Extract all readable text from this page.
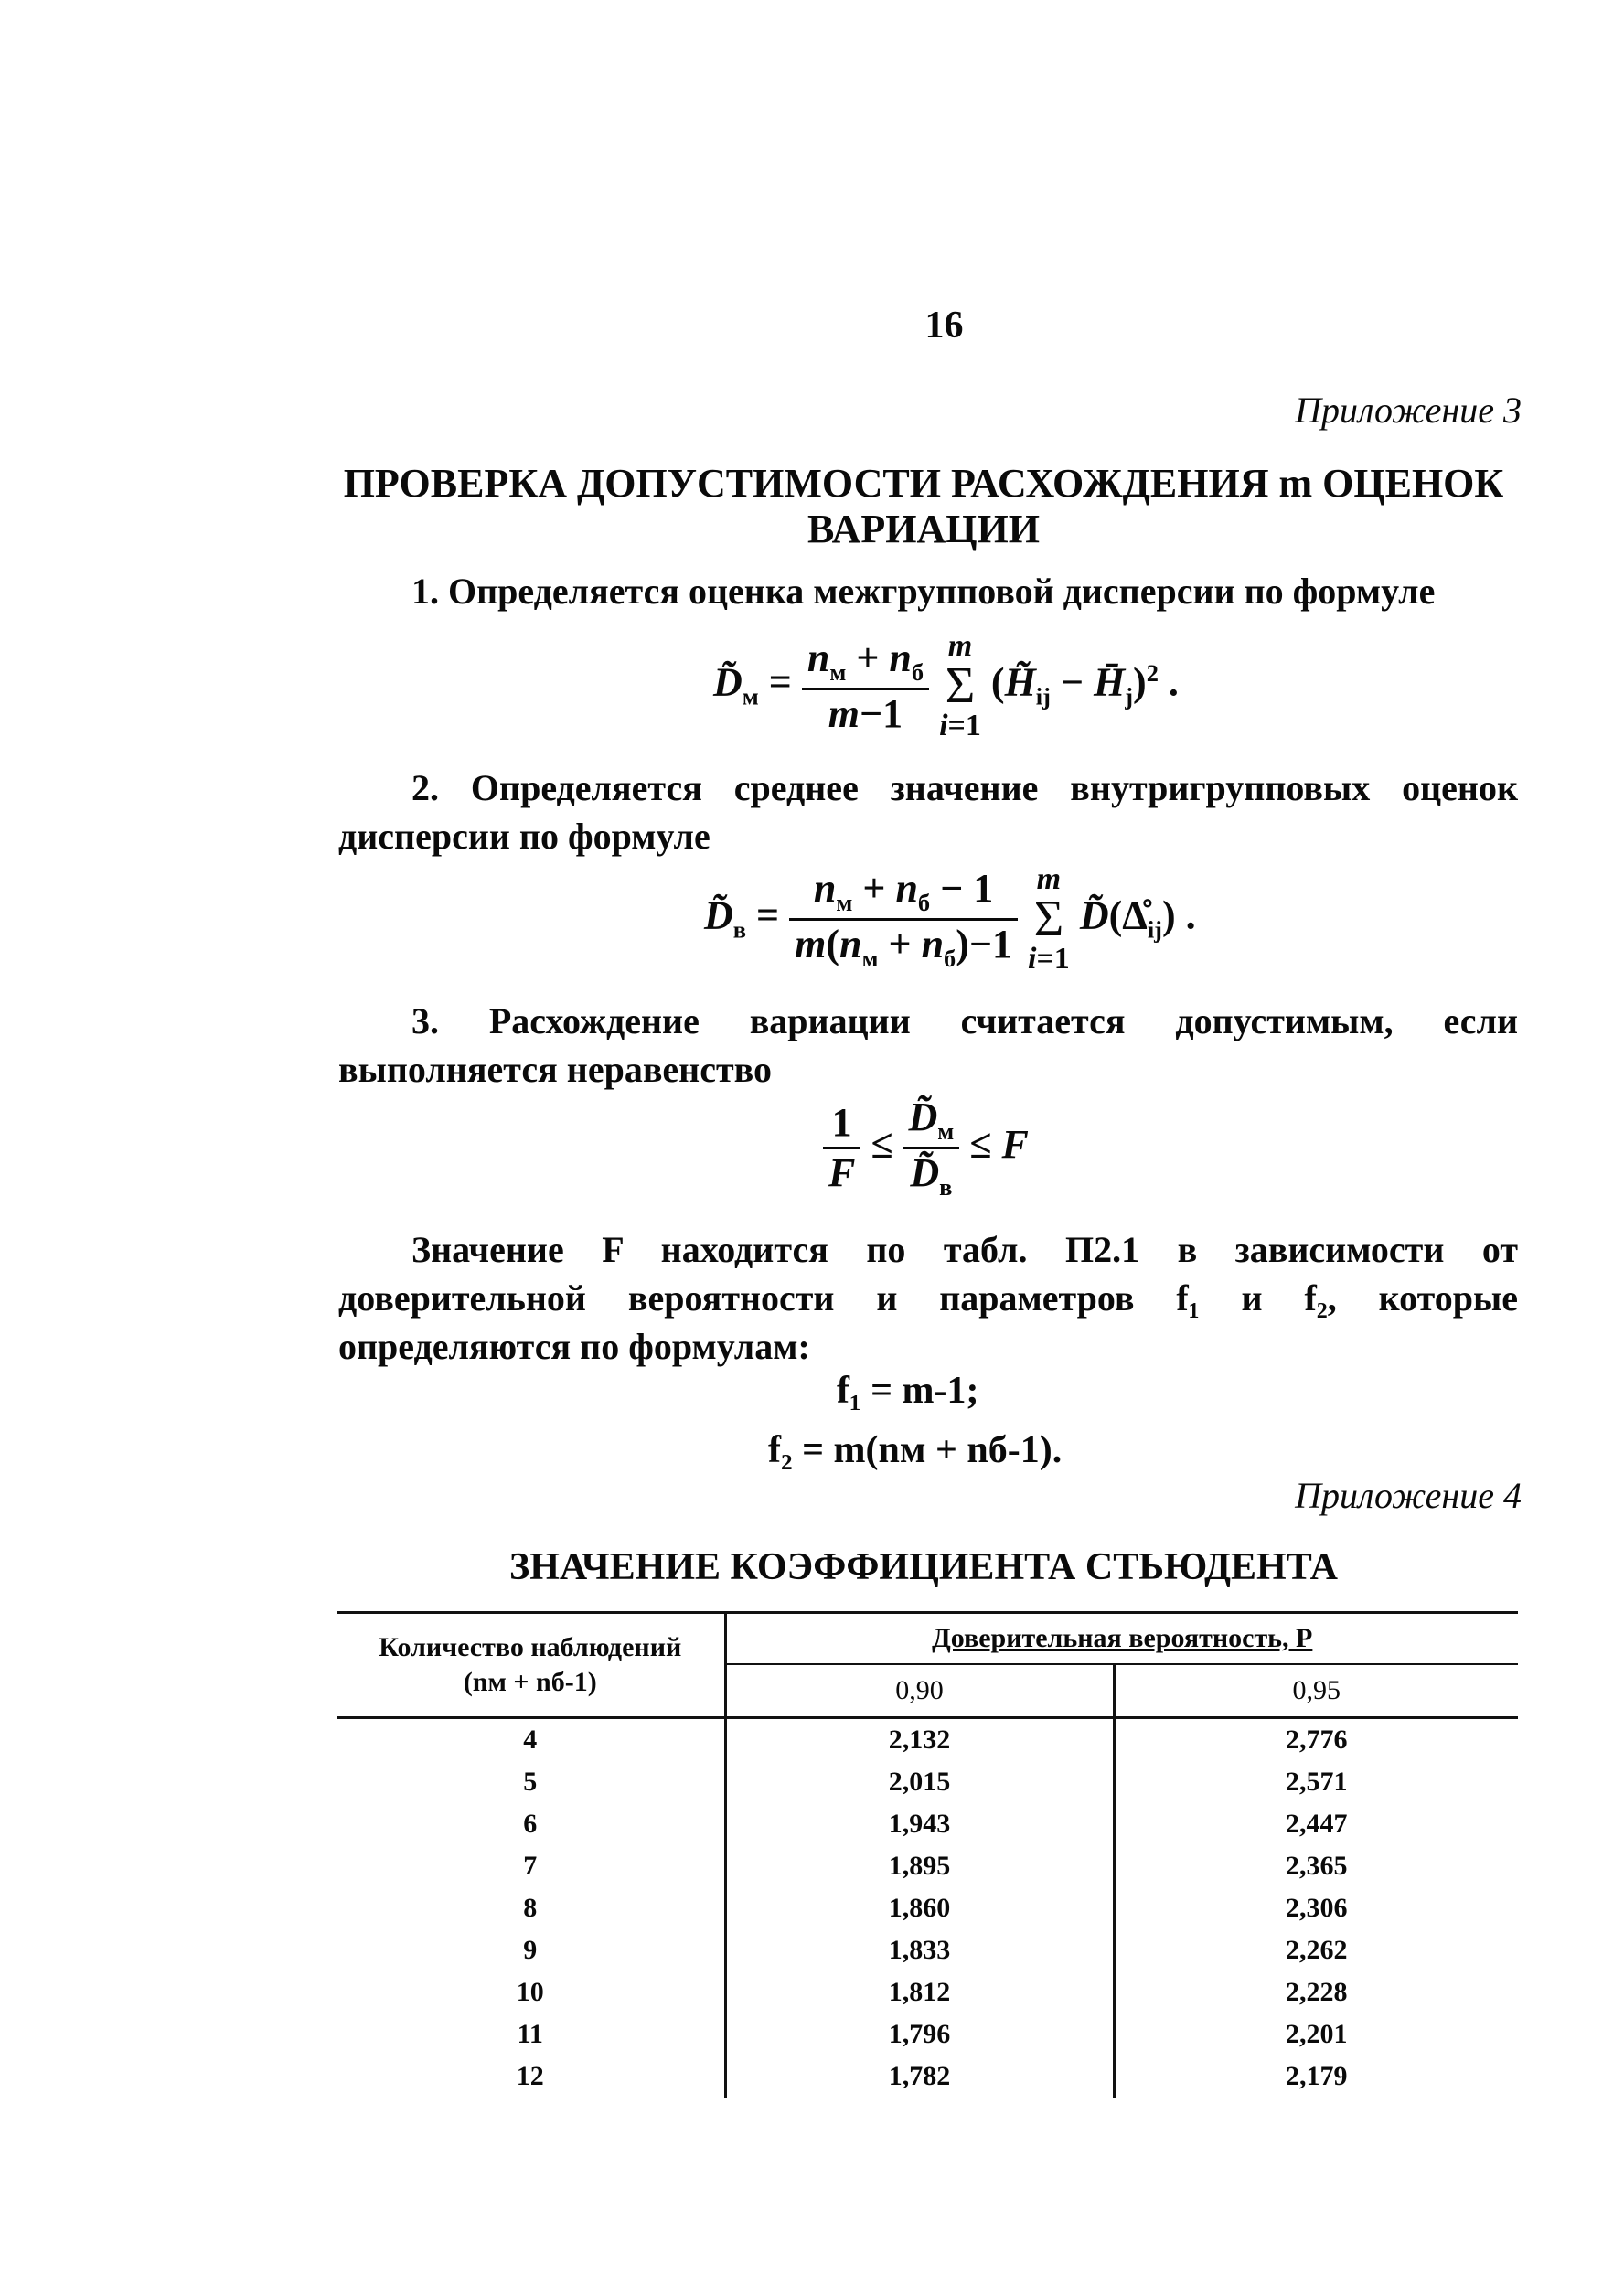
16
Приложение 3
ПРОВЕРКА ДОПУСТИМОСТИ РАСХОЖДЕНИЯ m ОЦЕНОК
ВАРИАЦИИ
1. Определяется оценка межгрупповой дисперсии по формуле
$D̃_м = \frac{n_м + n_б}{m-1}$ m
Σ
i=1 ($H̃_{ij}$ − $H̄_j)^2$ .
2. Определяется среднее значение внутригрупповых оценок дисперсии по формуле
$D̃_в = \frac{n_м + n_б - 1}{m(n_м + n_б)-1}$ m
Σ
i=1 $D̃(\Deltå_{ij})$ .
3. Расхождение вариации считается допустимым, если выполняется неравенство
$\frac{1}{F} \le \frac{D̃_м}{D̃_в} \le F$
Значение F находится по табл. П2.1 в зависимости от доверительной вероятности и параметров f₁ и f₂, которые определяются по формулам:
f₁ = m-1;
f₂ = m(nм + nб-1).
Приложение 4
ЗНАЧЕНИЕ КОЭФФИЦИЕНТА СТЬЮДЕНТА
Количество наблюдений
(nм + nб-1)	Доверительная вероятность, P	
	0,90	0,95
4	2,132	2,776
5	2,015	2,571
6	1,943	2,447
7	1,895	2,365
8	1,860	2,306
9	1,833	2,262
10	1,812	2,228
11	1,796	2,201
12	1,782	2,179
